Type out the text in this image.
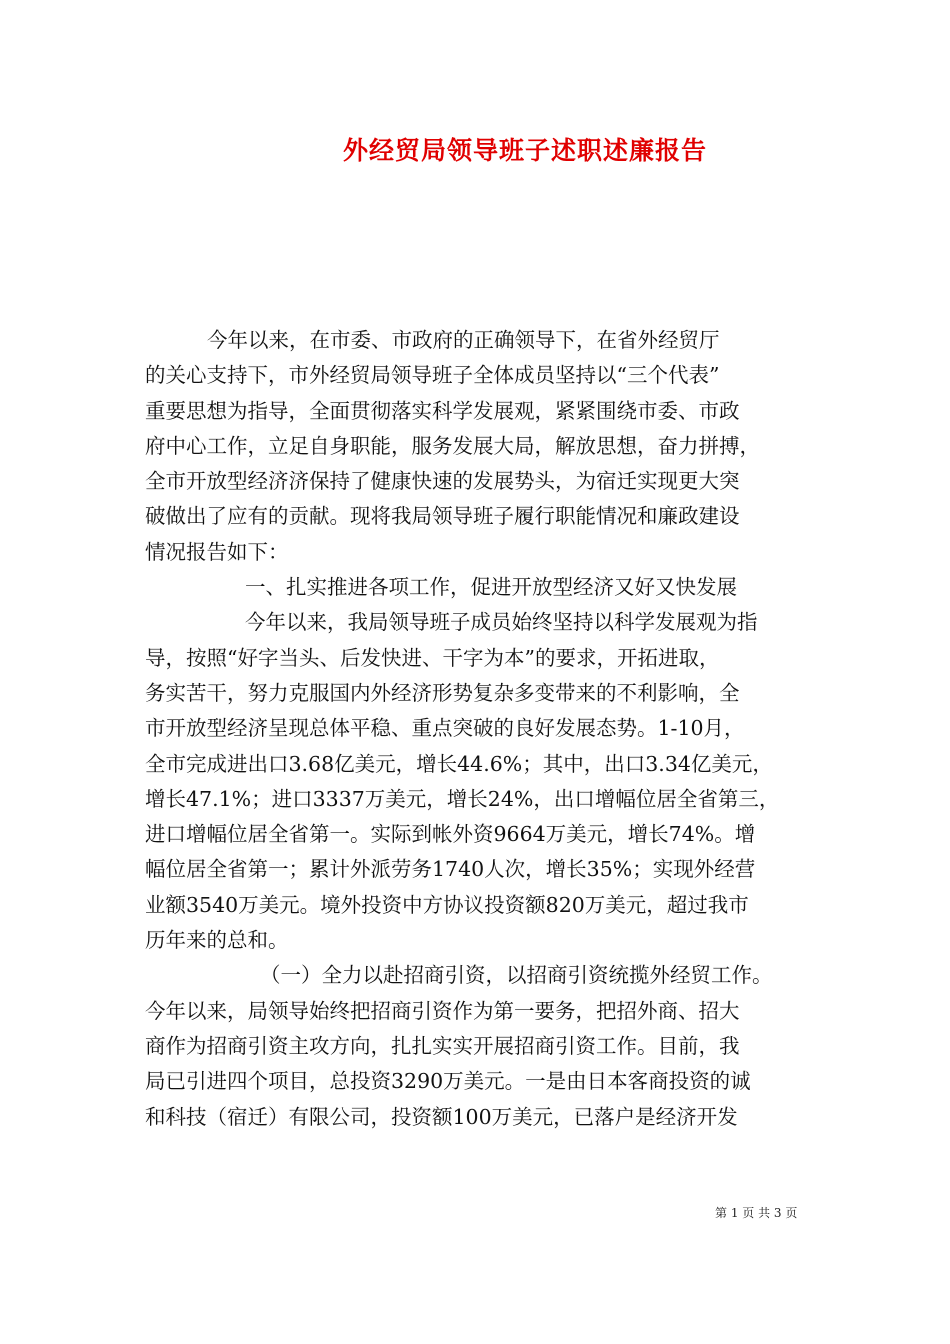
外经贸局领导班子述职述廉报告

今年以来，在市委、市政府的正确领导下，在省外经贸厅

的关心支持下，市外经贸局领导班子全体成员坚持以“三个代表”

重要思想为指导，全面贯彻落实科学发展观，紧紧围绕市委、市政

府中心工作，立足自身职能，服务发展大局，解放思想，奋力拼搏，

全市开放型经济济保持了健康快速的发展势头，为宿迁实现更大突

破做出了应有的贡献。现将我局领导班子履行职能情况和廉政建设

情况报告如下：

一、扎实推进各项工作，促进开放型经济又好又快发展

今年以来，我局领导班子成员始终坚持以科学发展观为指

导，按照“好字当头、后发快进、干字为本”的要求，开拓进取，

务实苦干，努力克服国内外经济形势复杂多变带来的不利影响，全

市开放型经济呈现总体平稳、重点突破的良好发展态势。1-10月，

全市完成进出口3.68亿美元，增长44.6%；其中，出口3.34亿美元，

增长47.1%；进口3337万美元，增长24%，出口增幅位居全省第三，

进口增幅位居全省第一。实际到帐外资9664万美元，增长74%。增

幅位居全省第一；累计外派劳务1740人次，增长35%；实现外经营

业额3540万美元。境外投资中方协议投资额820万美元，超过我市

历年来的总和。

（一）全力以赴招商引资，以招商引资统揽外经贸工作。

今年以来，局领导始终把招商引资作为第一要务，把招外商、招大

商作为招商引资主攻方向，扎扎实实开展招商引资工作。目前，我

局已引进四个项目，总投资3290万美元。一是由日本客商投资的诚

和科技（宿迁）有限公司，投资额100万美元，已落户是经济开发

第 1 页 共 3 页
